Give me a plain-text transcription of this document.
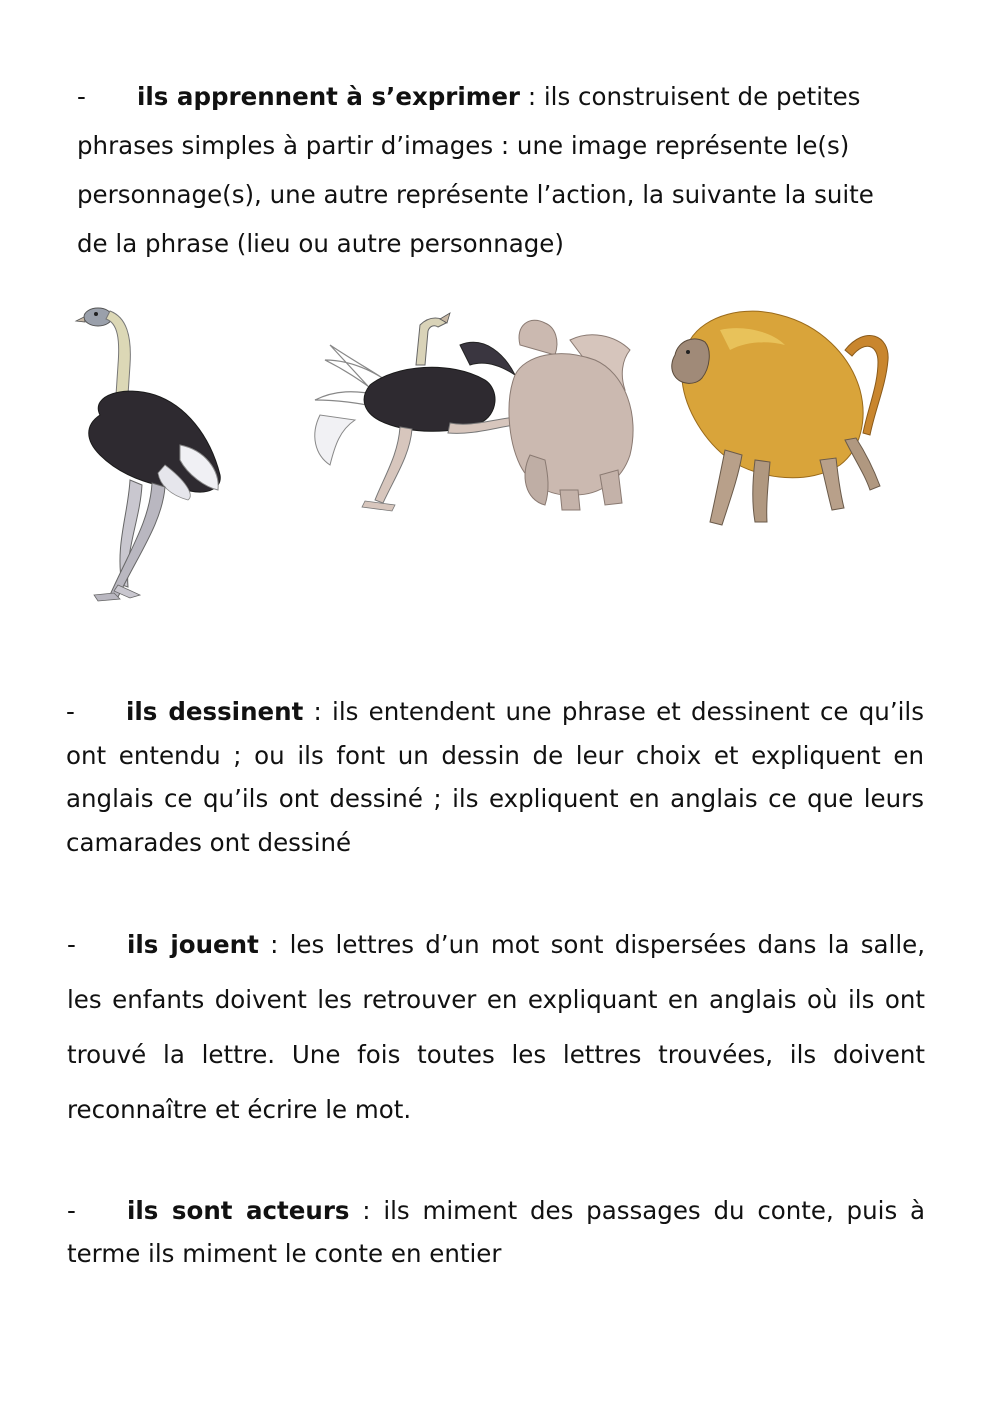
- ils apprennent à s’exprimer : ils construisent de petites phrases simples à partir d’images : une image représente le(s) personnage(s), une autre représente l’action, la suivante la suite de la phrase (lieu ou autre personnage)

- ils dessinent : ils entendent une phrase et dessinent ce qu’ils ont entendu ; ou ils font un dessin de leur choix et expliquent en anglais ce qu’ils ont dessiné ; ils expliquent en anglais ce que leurs camarades ont dessiné

- ils jouent : les lettres d’un mot sont dispersées dans la salle, les enfants doivent les retrouver en expliquant en anglais où ils ont trouvé la lettre. Une fois toutes les lettres trouvées, ils doivent reconnaître et écrire le mot.

- ils sont acteurs : ils miment des passages du conte, puis à terme ils miment le conte en entier
